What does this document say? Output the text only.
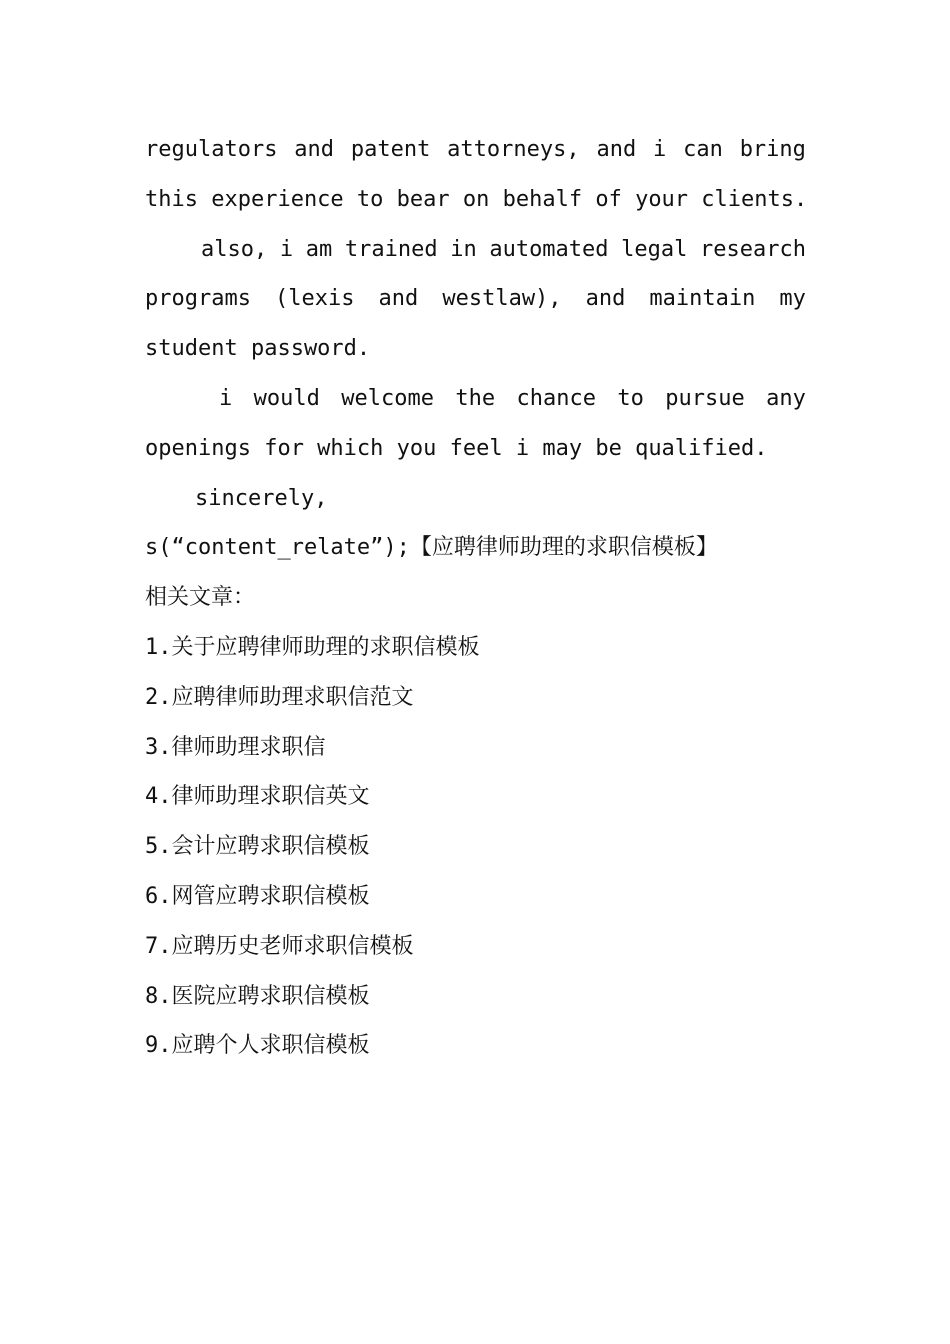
regulators and patent attorneys, and i can bring
this experience to bear on behalf of your clients.
also, i am trained in automated legal research
programs (lexis and westlaw), and maintain my
student password.
i would welcome the chance to pursue any
openings for which you feel i may be qualified.
sincerely,
s(“content_relate”);【应聘律师助理的求职信模板】
相关文章：
1.关于应聘律师助理的求职信模板
2.应聘律师助理求职信范文
3.律师助理求职信
4.律师助理求职信英文
5.会计应聘求职信模板
6.网管应聘求职信模板
7.应聘历史老师求职信模板
8.医院应聘求职信模板
9.应聘个人求职信模板
